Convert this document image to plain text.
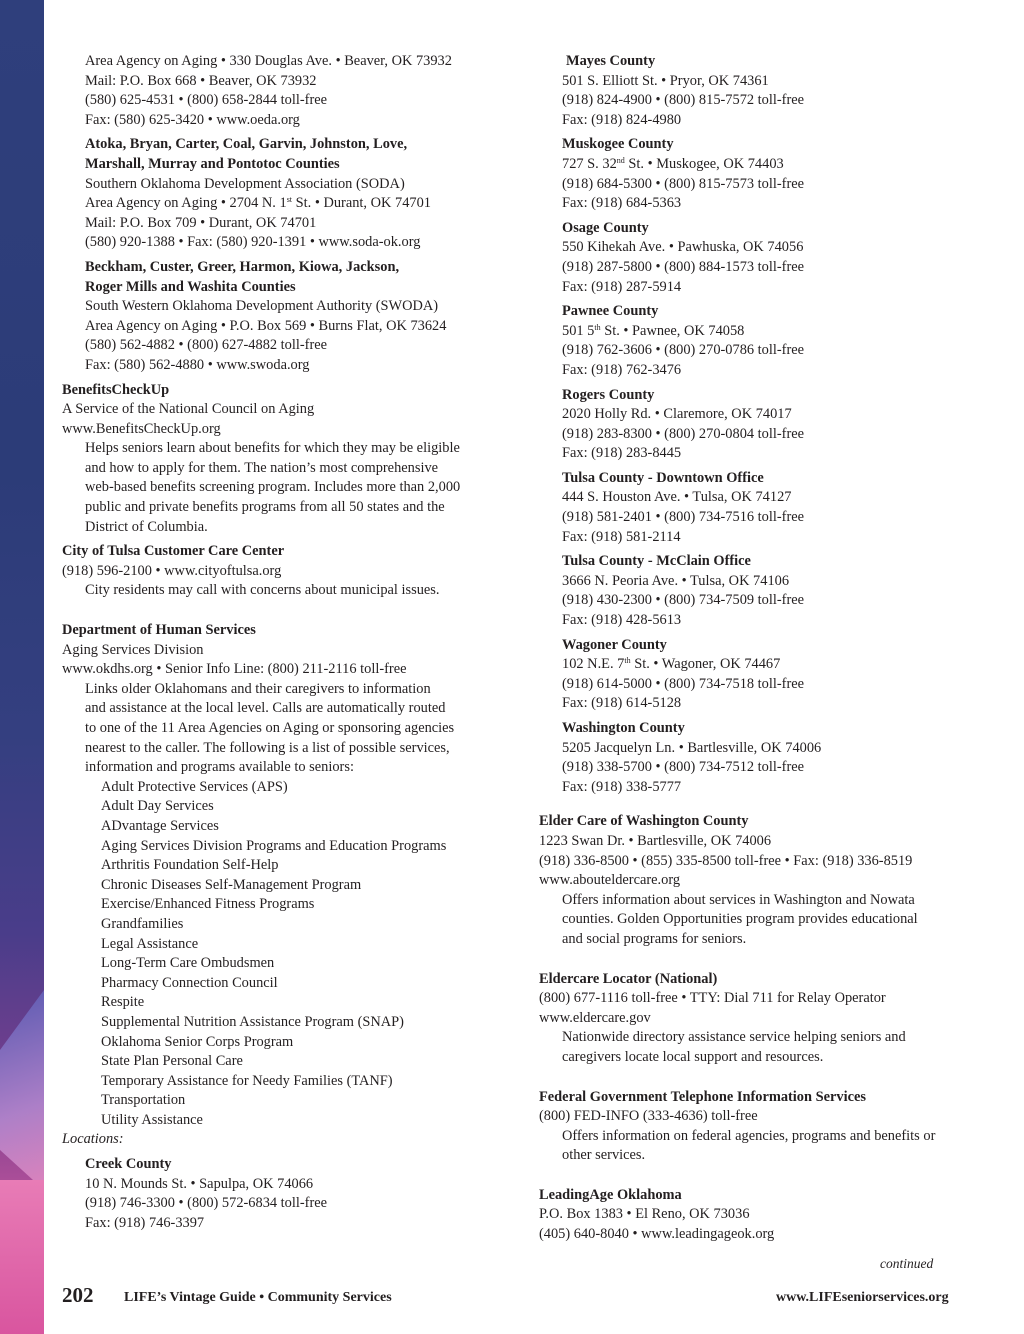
Area Agency on Aging • 330 Douglas Ave. • Beaver, OK 73932
Mail: P.O. Box 668 • Beaver, OK 73932
(580) 625-4531 • (800) 658-2844 toll-free
Fax: (580) 625-3420 • www.oeda.org
Atoka, Bryan, Carter, Coal, Garvin, Johnston, Love,
Marshall, Murray and Pontotoc Counties
Southern Oklahoma Development Association (SODA)
Area Agency on Aging • 2704 N. 1st St. • Durant, OK 74701
Mail: P.O. Box 709 • Durant, OK 74701
(580) 920-1388 • Fax: (580) 920-1391 • www.soda-ok.org
Beckham, Custer, Greer, Harmon, Kiowa, Jackson,
Roger Mills and Washita Counties
South Western Oklahoma Development Authority (SWODA)
Area Agency on Aging • P.O. Box 569 • Burns Flat, OK 73624
(580) 562-4882 • (800) 627-4882 toll-free
Fax: (580) 562-4880 • www.swoda.org
BenefitsCheckUp
A Service of the National Council on Aging
www.BenefitsCheckUp.org
Helps seniors learn about benefits for which they may be eligible
and how to apply for them. The nation’s most comprehensive
web-based benefits screening program. Includes more than 2,000
public and private benefits programs from all 50 states and the
District of Columbia.
City of Tulsa Customer Care Center
(918) 596-2100 • www.cityoftulsa.org
City residents may call with concerns about municipal issues.
Department of Human Services
Aging Services Division
www.okdhs.org • Senior Info Line: (800) 211-2116 toll-free
Links older Oklahomans and their caregivers to information
and assistance at the local level. Calls are automatically routed
to one of the 11 Area Agencies on Aging or sponsoring agencies
nearest to the caller. The following is a list of possible services,
information and programs available to seniors:
Adult Protective Services (APS)
Adult Day Services
ADvantage Services
Aging Services Division Programs and Education Programs
Arthritis Foundation Self-Help
Chronic Diseases Self-Management Program
Exercise/Enhanced Fitness Programs
Grandfamilies
Legal Assistance
Long-Term Care Ombudsmen
Pharmacy Connection Council
Respite
Supplemental Nutrition Assistance Program (SNAP)
Oklahoma Senior Corps Program
State Plan Personal Care
Temporary Assistance for Needy Families (TANF)
Transportation
Utility Assistance
Locations:
Creek County
10 N. Mounds St. • Sapulpa, OK 74066
(918) 746-3300 • (800) 572-6834 toll-free
Fax: (918) 746-3397
Mayes County
501 S. Elliott St. • Pryor, OK 74361
(918) 824-4900 • (800) 815-7572 toll-free
Fax: (918) 824-4980
Muskogee County
727 S. 32nd St. • Muskogee, OK 74403
(918) 684-5300 • (800) 815-7573 toll-free
Fax: (918) 684-5363
Osage County
550 Kihekah Ave. • Pawhuska, OK 74056
(918) 287-5800 • (800) 884-1573 toll-free
Fax: (918) 287-5914
Pawnee County
501 5th St. • Pawnee, OK 74058
(918) 762-3606 • (800) 270-0786 toll-free
Fax: (918) 762-3476
Rogers County
2020 Holly Rd. • Claremore, OK 74017
(918) 283-8300 • (800) 270-0804 toll-free
Fax: (918) 283-8445
Tulsa County - Downtown Office
444 S. Houston Ave. • Tulsa, OK 74127
(918) 581-2401 • (800) 734-7516 toll-free
Fax: (918) 581-2114
Tulsa County - McClain Office
3666 N. Peoria Ave. • Tulsa, OK 74106
(918) 430-2300 • (800) 734-7509 toll-free
Fax: (918) 428-5613
Wagoner County
102 N.E. 7th St. • Wagoner, OK 74467
(918) 614-5000 • (800) 734-7518 toll-free
Fax: (918) 614-5128
Washington County
5205 Jacquelyn Ln. • Bartlesville, OK 74006
(918) 338-5700 • (800) 734-7512 toll-free
Fax: (918) 338-5777
Elder Care of Washington County
1223 Swan Dr. • Bartlesville, OK 74006
(918) 336-8500 • (855) 335-8500 toll-free • Fax: (918) 336-8519
www.abouteldercare.org
Offers information about services in Washington and Nowata
counties. Golden Opportunities program provides educational
and social programs for seniors.
Eldercare Locator (National)
(800) 677-1116 toll-free • TTY: Dial 711 for Relay Operator
www.eldercare.gov
Nationwide directory assistance service helping seniors and
caregivers locate local support and resources.
Federal Government Telephone Information Services
(800) FED-INFO (333-4636) toll-free
Offers information on federal agencies, programs and benefits or
other services.
LeadingAge Oklahoma
P.O. Box 1383 • El Reno, OK 73036
(405) 640-8040 • www.leadingageok.org
continued
202 LIFE’s Vintage Guide • Community Services	www.LIFEseniorservices.org
